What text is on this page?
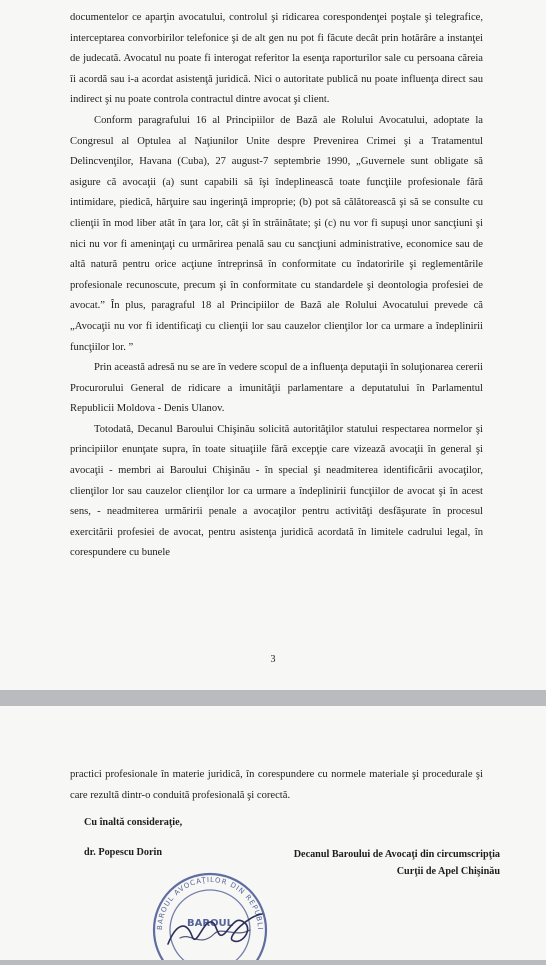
documentelor ce aparţin avocatului, controlul şi ridicarea corespondenţei poştale şi telegrafice, interceptarea convorbirilor telefonice şi de alt gen nu pot fi făcute decât prin hotărâre a instanţei de judecată. Avocatul nu poate fi interogat referitor la esenţa raporturilor sale cu persoana căreia îi acordă sau i-a acordat asistenţă juridică. Nici o autoritate publică nu poate influenţa direct sau indirect şi nu poate controla contractul dintre avocat şi client.

Conform paragrafului 16 al Principiilor de Bază ale Rolului Avocatului, adoptate la Congresul al Optulea al Naţiunilor Unite despre Prevenirea Crimei şi a Tratamentul Delincvenţilor, Havana (Cuba), 27 august-7 septembrie 1990, „Guvernele sunt obligate să asigure că avocaţii (a) sunt capabili să îşi îndeplinească toate funcţiile profesionale fără intimidare, piedică, hărţuire sau ingerinţă improprie; (b) pot să călătorească şi să se consulte cu clienţii în mod liber atât în ţara lor, cât şi în străinătate; şi (c) nu vor fi supuşi unor sancţiuni şi nici nu vor fi ameninţaţi cu urmărirea penală sau cu sancţiuni administrative, economice sau de altă natură pentru orice acţiune întreprinsă în conformitate cu îndatoririle şi reglementările profesionale recunoscute, precum şi în conformitate cu standardele şi deontologia profesiei de avocat.” În plus, paragraful 18 al Principiilor de Bază ale Rolului Avocatului prevede că „Avocaţii nu vor fi identificaţi cu clienţii lor sau cauzelor clienţilor lor ca urmare a îndeplinirii funcţiilor lor. ”

Prin această adresă nu se are în vedere scopul de a influenţa deputaţii în soluţionarea cererii Procurorului General de ridicare a imunităţii parlamentare a deputatului în Parlamentul Republicii Moldova - Denis Ulanov.

Totodată, Decanul Baroului Chişinău solicită autorităţilor statului respectarea normelor şi principiilor enunţate supra, în toate situaţiile fără excepţie care vizează avocaţii în general şi avocaţii - membri ai Baroului Chişinău - în special şi neadmiterea identificării avocaţilor, clienţilor lor sau cauzelor clienţilor lor ca urmare a îndeplinirii funcţiilor de avocat şi în acest sens, - neadmiterea urmăririi penale a avocaţilor pentru activităţi desfăşurate în procesul exercitării profesiei de avocat, pentru asistenţa juridică acordată în limitele cadrului legal, în corespundere cu bunele

3

practici profesionale în materie juridică, în corespundere cu normele materiale şi procedurale şi care rezultă dintr-o conduită profesională şi corectă.

Cu înaltă consideraţie,
dr. Popescu Dorin	Decanul Baroului de Avocaţi din circumscripţia
Curţii de Apel Chişinău
BAROUL AVOCAŢILOR DIN REPUBLI
BAROUL
